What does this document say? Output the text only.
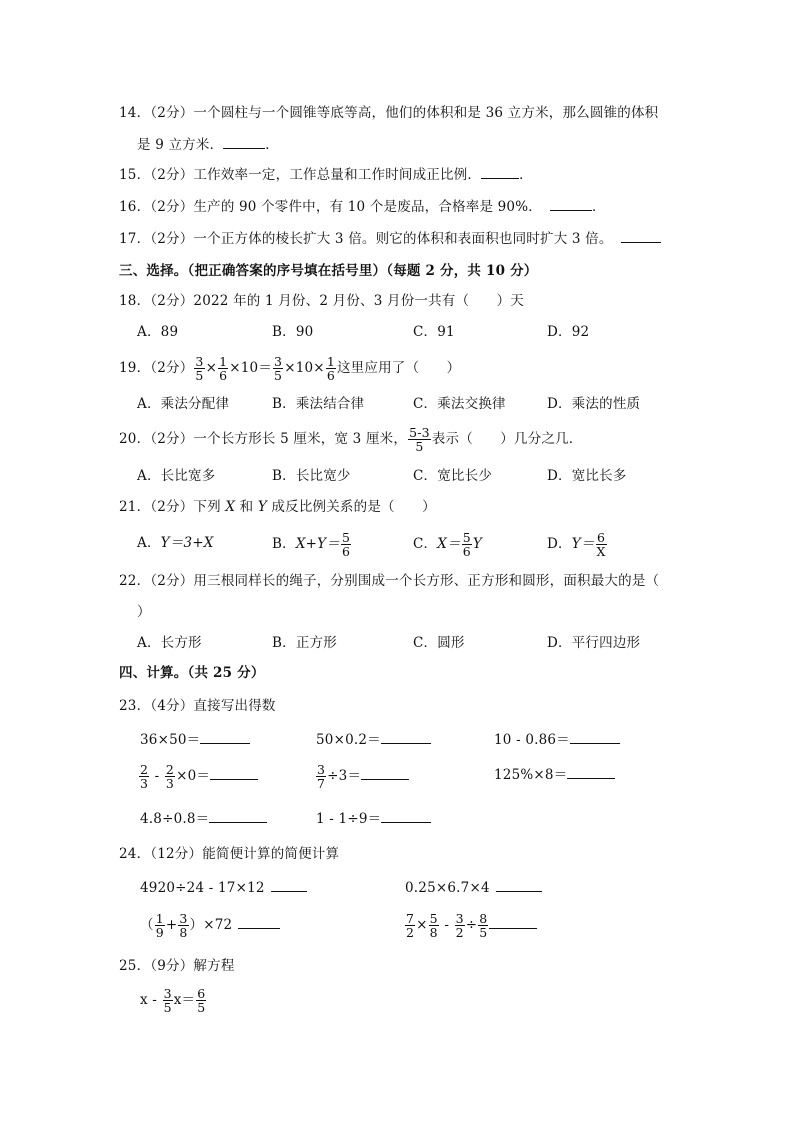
14．（2分）一个圆柱与一个圆锥等底等高，他们的体积和是 36 立方米，那么圆锥的体积
是 9 立方米．	．
15．（2分）工作效率一定，工作总量和工作时间成正比例．	．
16．（2分）生产的 90 个零件中，有 10 个是废品，合格率是 90%．	．
17．（2分）一个正方体的棱长扩大 3 倍。则它的体积和表面积也同时扩大 3 倍。
三、选择。（把正确答案的序号填在括号里）（每题 2 分，共 10 分）
18．（2分）2022 年的 1 月份、2 月份、3 月份一共有（　　）天
A．89	B．90	C．91	D．92
19．（2分） $\frac{3}{5} \times \frac{1}{6} \times 10= \frac{3}{5} \times 10\times \frac{1}{6}$ 这里应用了（　　）
A．乘法分配律	B．乘法结合律	C．乘法交换律	D．乘法的性质
20．（2分）一个长方形长 5 厘米，宽 3 厘米， $\frac{5-3}{5}$ 表示（　　）几分之几．
A．长比宽多	B．长比宽少	C．宽比长少	D．宽比长多
21．（2分）下列 X 和 Y 成反比例关系的是（　　）
A．Y＝3+X	B．$X+Y= \frac{5}{6}$	C．$X= \frac{5}{6}$ Y	D．$Y= \frac{6}{X}$
22．（2分）用三根同样长的绳子，分别围成一个长方形、正方形和圆形，面积最大的是（
）
A．长方形	B．正方形	C．圆形	D．平行四边形
四、计算。（共 25 分）
23．（4分）直接写出得数
36×50＝	50×0.2＝	10 - 0.86＝
$\frac{2}{3} - \frac{2}{3} \times 0=$	$\frac{3}{7} \div 3=$	125%×8＝
4.8÷0.8＝	1 - 1÷9＝
24．（12分）能简便计算的简便计算
4920÷24 - 17×12	0.25×6.7×4
（ $\frac{1}{9} + \frac{3}{8} )\times 72$	$\frac{7}{2} \times \frac{5}{8} - \frac{3}{2} \div \frac{8}{5}$
25．（9分）解方程
$x - \frac{3}{5} x= \frac{6}{5}$
